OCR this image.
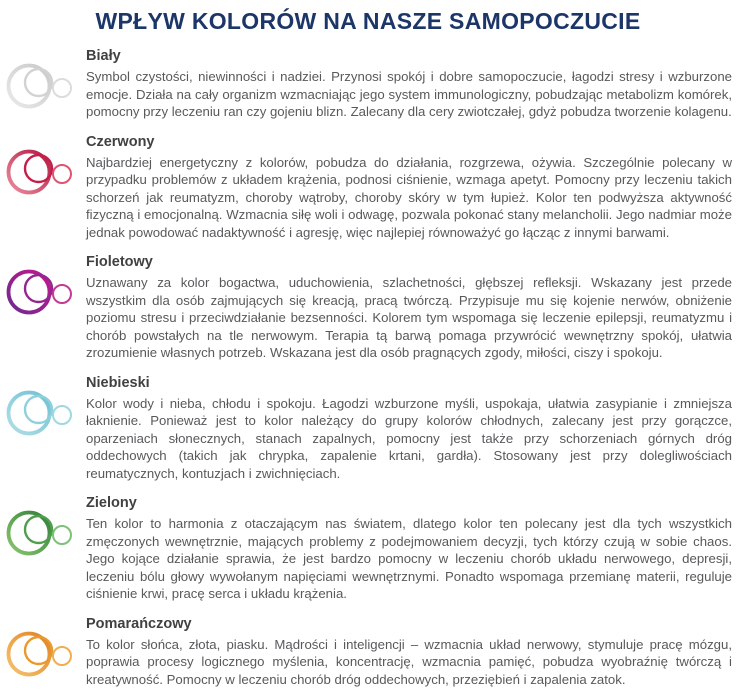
WPŁYW KOLORÓW NA NASZE SAMOPOCZUCIE
Biały

Symbol czystości, niewinności i nadziei. Przynosi spokój i dobre samopoczucie, łagodzi stresy i wzburzone emocje. Działa na cały organizm wzmacniając jego system immunologiczny, pobudzając metabolizm komórek, pomocny przy leczeniu ran czy gojeniu blizn. Zalecany dla cery zwiotczałej, gdyż pobudza tworzenie kolagenu.

Czerwony

Najbardziej energetyczny z kolorów, pobudza do działania, rozgrzewa, ożywia. Szczególnie polecany w przypadku problemów z układem krążenia, podnosi ciśnienie, wzmaga apetyt. Pomocny przy leczeniu takich schorzeń jak reumatyzm, choroby wątroby, choroby skóry w tym łupież. Kolor ten podwyższa aktywność fizyczną i emocjonalną. Wzmacnia siłę woli i odwagę, pozwala pokonać stany melancholii. Jego nadmiar może jednak powodować nadaktywność i agresję, więc najlepiej równoważyć go łącząc z innymi barwami.

Fioletowy

Uznawany za kolor bogactwa, uduchowienia, szlachetności, głębszej refleksji. Wskazany jest przede wszystkim dla osób zajmujących się kreacją, pracą twórczą. Przypisuje mu się kojenie nerwów, obniżenie poziomu stresu i przeciwdziałanie bezsenności. Kolorem tym wspomaga się leczenie epilepsji, reumatyzmu i chorób powstałych na tle nerwowym. Terapia tą barwą pomaga przywrócić wewnętrzny spokój, ułatwia zrozumienie własnych potrzeb. Wskazana jest dla osób pragnących zgody, miłości, ciszy i spokoju.

Niebieski

Kolor wody i nieba, chłodu i spokoju. Łagodzi wzburzone myśli, uspokaja, ułatwia zasypianie i zmniejsza łaknienie. Ponieważ jest to kolor należący do grupy kolorów chłodnych, zalecany jest przy gorączce, oparzeniach słonecznych, stanach zapalnych, pomocny jest także przy schorzeniach górnych dróg oddechowych (takich jak chrypka, zapalenie krtani, gardła). Stosowany jest przy dolegliwościach reumatycznych, kontuzjach i zwichnięciach.

Zielony

Ten kolor to harmonia z otaczającym nas światem, dlatego kolor ten polecany jest dla tych wszystkich zmęczonych wewnętrznie, mających problemy z podejmowaniem decyzji, tych którzy czują w sobie chaos. Jego kojące działanie sprawia, że jest bardzo pomocny w leczeniu chorób układu nerwowego, depresji, leczeniu bólu głowy wywołanym napięciami wewnętrznymi. Ponadto wspomaga przemianę materii, reguluje ciśnienie krwi, pracę serca i układu krążenia.

Pomarańczowy

To kolor słońca, złota, piasku. Mądrości i inteligencji – wzmacnia układ nerwowy, stymuluje pracę mózgu, poprawia procesy logicznego myślenia, koncentrację, wzmacnia pamięć, pobudza wyobraźnię twórczą i kreatywność. Pomocny w leczeniu chorób dróg oddechowych, przeziębień i zapalenia zatok.
